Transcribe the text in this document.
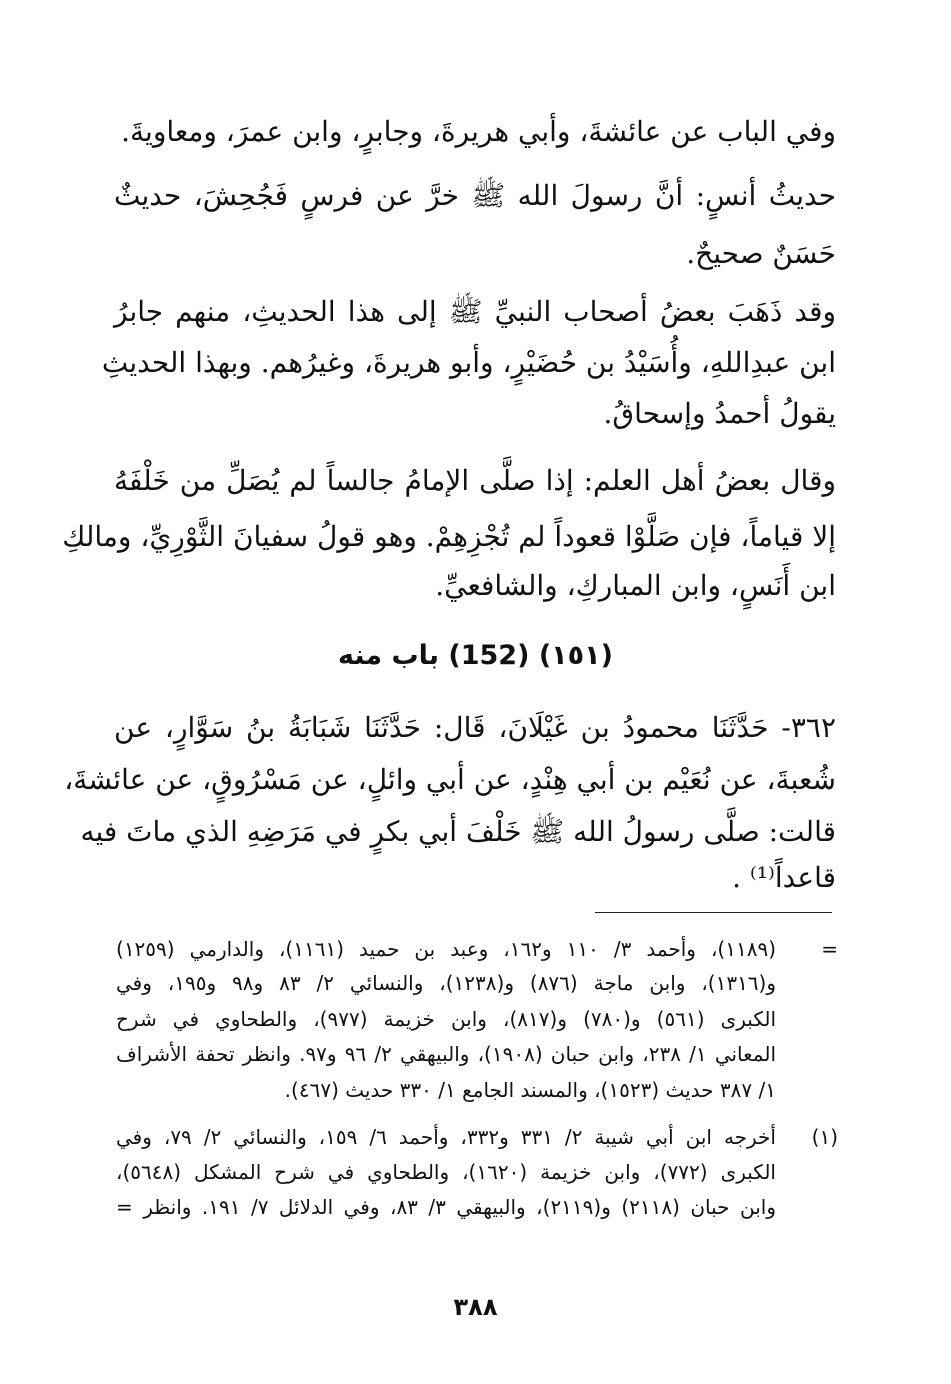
وفي الباب عن عائشةَ، وأبي هريرةَ، وجابرٍ، وابن عمرَ، ومعاويةَ.
حديثُ أنسٍ: أنَّ رسولَ الله ﷺ خرَّ عن فرسٍ فَجُحِشَ، حديثٌ
حَسَنٌ صحيحٌ.
وقد ذَهَبَ بعضُ أصحاب النبيِّ ﷺ إلى هذا الحديثِ، منهم جابرُ
ابن عبدِاللهِ، وأُسَيْدُ بن حُضَيْرٍ، وأبو هريرةَ، وغيرُهم. وبهذا الحديثِ
يقولُ أحمدُ وإسحاقُ.
وقال بعضُ أهل العلم: إذا صلَّى الإمامُ جالساً لم يُصَلِّ من خَلْفَهُ
إلا قياماً، فإن صَلَّوْا قعوداً لم تُجْزِهِمْ. وهو قولُ سفيانَ الثَّوْرِيِّ، ومالكِ
ابن أَنَسٍ، وابن المباركِ، والشافعيِّ.
(١٥١) (152) باب منه
٣٦٢- حَدَّثَنَا محمودُ بن غَيْلَانَ، قَال: حَدَّثَنَا شَبَابَةُ بنُ سَوَّارٍ، عن
شُعبةَ، عن نُعَيْم بن أبي هِنْدٍ، عن أبي وائلٍ، عن مَسْرُوقٍ، عن عائشةَ،
قالت: صلَّى رسولُ الله ﷺ خَلْفَ أبي بكرٍ في مَرَضِهِ الذي ماتَ فيه
قاعداً⁽¹⁾ .
=
(١١٨٩)، وأحمد ٣/ ١١٠ و١٦٢، وعبد بن حميد (١١٦١)، والدارمي (١٢٥٩)
و(١٣١٦)، وابن ماجة (٨٧٦) و(١٢٣٨)، والنسائي ٢/ ٨٣ و٩٨ و١٩٥، وفي
الكبرى (٥٦١) و(٧٨٠) و(٨١٧)، وابن خزيمة (٩٧٧)، والطحاوي في شرح
المعاني ١/ ٢٣٨، وابن حبان (١٩٠٨)، والبيهقي ٢/ ٩٦ و٩٧. وانظر تحفة الأشراف
١/ ٣٨٧ حديث (١٥٢٣)، والمسند الجامع ١/ ٣٣٠ حديث (٤٦٧).
(١)
أخرجه ابن أبي شيبة ٢/ ٣٣١ و٣٣٢، وأحمد ٦/ ١٥٩، والنسائي ٢/ ٧٩، وفي
الكبرى (٧٧٢)، وابن خزيمة (١٦٢٠)، والطحاوي في شرح المشكل (٥٦٤٨)،
وابن حبان (٢١١٨) و(٢١١٩)، والبيهقي ٣/ ٨٣، وفي الدلائل ٧/ ١٩١. وانظر =
٣٨٨
